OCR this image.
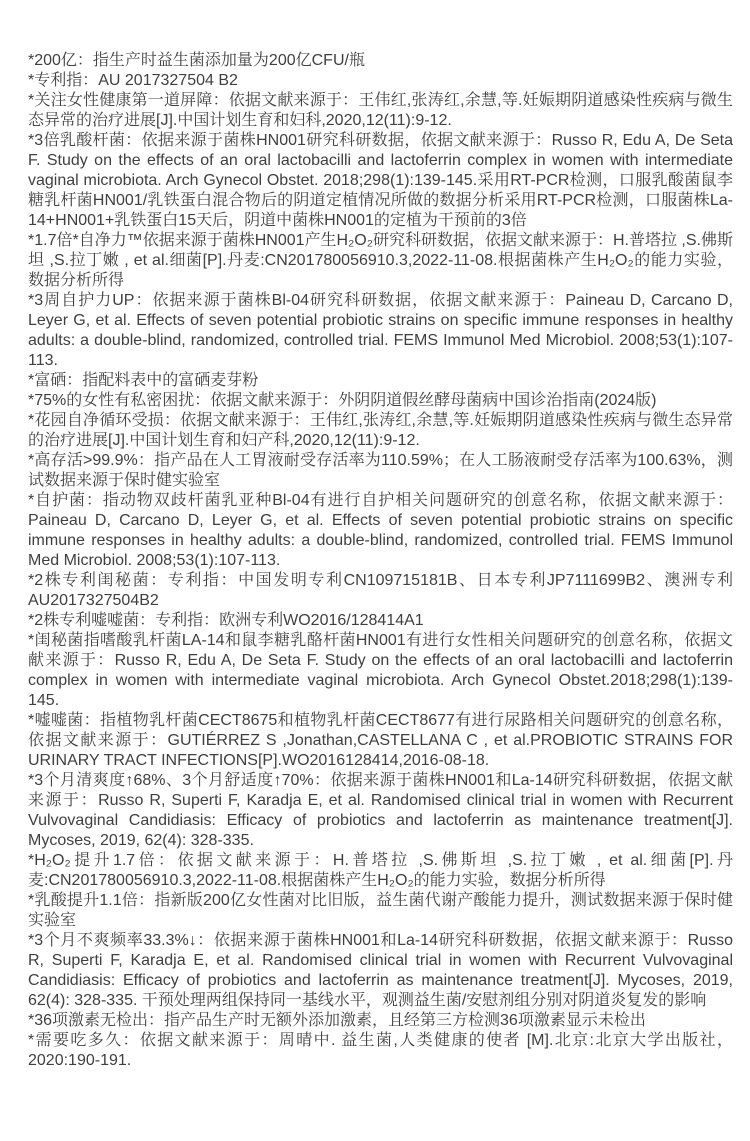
*200亿：指生产时益生菌添加量为200亿CFU/瓶

*专利指：AU 2017327504 B2

*关注女性健康第一道屏障：依据文献来源于：王伟红,张涛红,余慧,等.妊娠期阴道感染性疾病与微生态异常的治疗进展[J].中国计划生育和妇科,2020,12(11):9-12.

*3倍乳酸杆菌：依据来源于菌株HN001研究科研数据，依据文献来源于：Russo R, Edu A, De Seta F. Study on the effects of an oral lactobacilli and lactoferrin complex in women with intermediate vaginal microbiota. Arch Gynecol Obstet. 2018;298(1):139-145.采用RT-PCR检测，口服乳酸菌鼠李糖乳杆菌HN001/乳铁蛋白混合物后的阴道定植情况所做的数据分析采用RT-PCR检测，口服菌株La-14+HN001+乳铁蛋白15天后，阴道中菌株HN001的定植为干预前的3倍

*1.7倍*自净力™依据来源于菌株HN001产生H₂O₂研究科研数据，依据文献来源于：H.普塔拉 ,S.佛斯坦 ,S.拉丁嫩 , et al.细菌[P].丹麦:CN201780056910.3,2022-11-08.根据菌株产生H₂O₂的能力实验，数据分析所得

*3周自护力UP：依据来源于菌株Bl-04研究科研数据，依据文献来源于：Paineau D, Carcano D, Leyer G, et al. Effects of seven potential probiotic strains on specific immune responses in healthy adults: a double-blind, randomized, controlled trial. FEMS Immunol Med Microbiol. 2008;53(1):107-113.

*富硒：指配料表中的富硒麦芽粉

*75%的女性有私密困扰：依据文献来源于：外阴阴道假丝酵母菌病中国诊治指南(2024版)

*花园自净循环受损：依据文献来源于：王伟红,张涛红,余慧,等.妊娠期阴道感染性疾病与微生态异常的治疗进展[J].中国计划生育和妇产科,2020,12(11):9-12.

*高存活>99.9%：指产品在人工胃液耐受存活率为110.59%；在人工肠液耐受存活率为100.63%，测试数据来源于保时健实验室

*自护菌：指动物双歧杆菌乳亚种Bl-04有进行自护相关问题研究的创意名称，依据文献来源于：Paineau D, Carcano D, Leyer G, et al. Effects of seven potential probiotic strains on specific immune responses in healthy adults: a double-blind, randomized, controlled trial. FEMS Immunol Med Microbiol. 2008;53(1):107-113.

*2株专利闺秘菌：专利指：中国发明专利CN109715181B、日本专利JP7111699B2、澳洲专利AU2017327504B2

*2株专利嘘嘘菌：专利指：欧洲专利WO2016/128414A1

*闺秘菌指嗜酸乳杆菌LA-14和鼠李糖乳酪杆菌HN001有进行女性相关问题研究的创意名称，依据文献来源于：Russo R, Edu A, De Seta F. Study on the effects of an oral lactobacilli and lactoferrin complex in women with intermediate vaginal microbiota. Arch Gynecol Obstet.2018;298(1):139-145.

*嘘嘘菌：指植物乳杆菌CECT8675和植物乳杆菌CECT8677有进行尿路相关问题研究的创意名称，依据文献来源于：GUTIÉRREZ S ,Jonathan,CASTELLANA C , et al.PROBIOTIC STRAINS FOR URINARY TRACT INFECTIONS[P].WO2016128414,2016-08-18.

*3个月清爽度↑68%、3个月舒适度↑70%：依据来源于菌株HN001和La-14研究科研数据，依据文献来源于：Russo R, Superti F, Karadja E, et al. Randomised clinical trial in women with Recurrent Vulvovaginal Candidiasis: Efficacy of probiotics and lactoferrin as maintenance treatment[J]. Mycoses, 2019, 62(4): 328-335.

*H₂O₂提升1.7倍：依据文献来源于：H.普塔拉 ,S.佛斯坦 ,S.拉丁嫩 , et al.细菌[P].丹麦:CN201780056910.3,2022-11-08.根据菌株产生H₂O₂的能力实验，数据分析所得

*乳酸提升1.1倍：指新版200亿女性菌对比旧版，益生菌代谢产酸能力提升，测试数据来源于保时健实验室

*3个月不爽频率33.3%↓：依据来源于菌株HN001和La-14研究科研数据，依据文献来源于：Russo R, Superti F, Karadja E, et al. Randomised clinical trial in women with Recurrent Vulvovaginal Candidiasis: Efficacy of probiotics and lactoferrin as maintenance treatment[J]. Mycoses, 2019, 62(4): 328-335. 干预处理两组保持同一基线水平，观测益生菌/安慰剂组分别对阴道炎复发的影响

*36项激素无检出：指产品生产时无额外添加激素，且经第三方检测36项激素显示未检出

*需要吃多久：依据文献来源于：周晴中. 益生菌,人类健康的使者 [M].北京:北京大学出版社，2020:190-191.
